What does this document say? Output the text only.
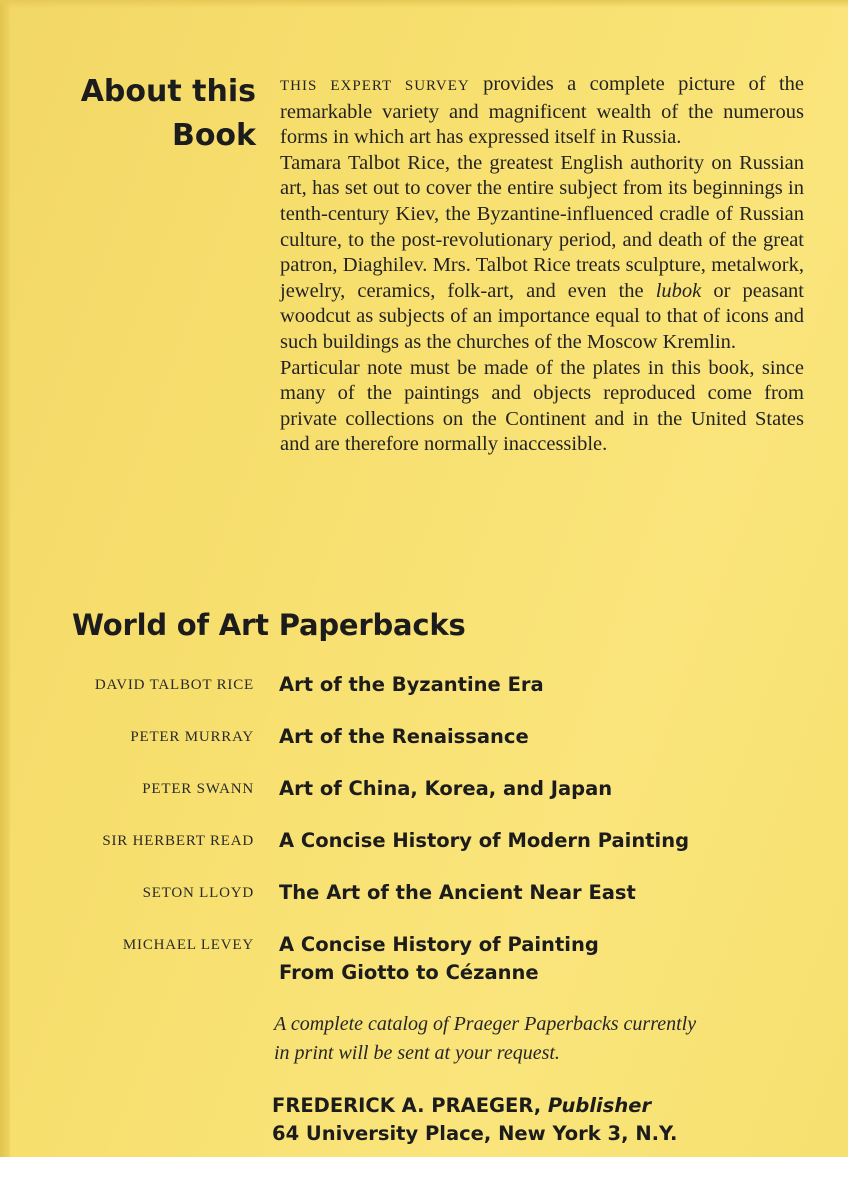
About this
Book

THIS EXPERT SURVEY provides a complete picture of the remarkable variety and magnificent wealth of the numerous forms in which art has expressed itself in Russia.

Tamara Talbot Rice, the greatest English authority on Russian art, has set out to cover the entire subject from its beginnings in tenth-century Kiev, the Byzantine-influenced cradle of Russian culture, to the post-revolutionary period, and death of the great patron, Diaghilev. Mrs. Talbot Rice treats sculpture, metalwork, jewelry, ceramics, folk-art, and even the lubok or peasant woodcut as subjects of an importance equal to that of icons and such buildings as the churches of the Moscow Kremlin.

Particular note must be made of the plates in this book, since many of the paintings and objects reproduced come from private collections on the Continent and in the United States and are therefore normally inaccessible.

World of Art Paperbacks
DAVID TALBOT RICE Art of the Byzantine Era
PETER MURRAY Art of the Renaissance
PETER SWANN Art of China, Korea, and Japan
SIR HERBERT READ A Concise History of Modern Painting
SETON LLOYD The Art of the Ancient Near East
MICHAEL LEVEY A Concise History of Painting
From Giotto to Cézanne
A complete catalog of Praeger Paperbacks currently
in print will be sent at your request.
FREDERICK A. PRAEGER, Publisher
64 University Place, New York 3, N.Y.
